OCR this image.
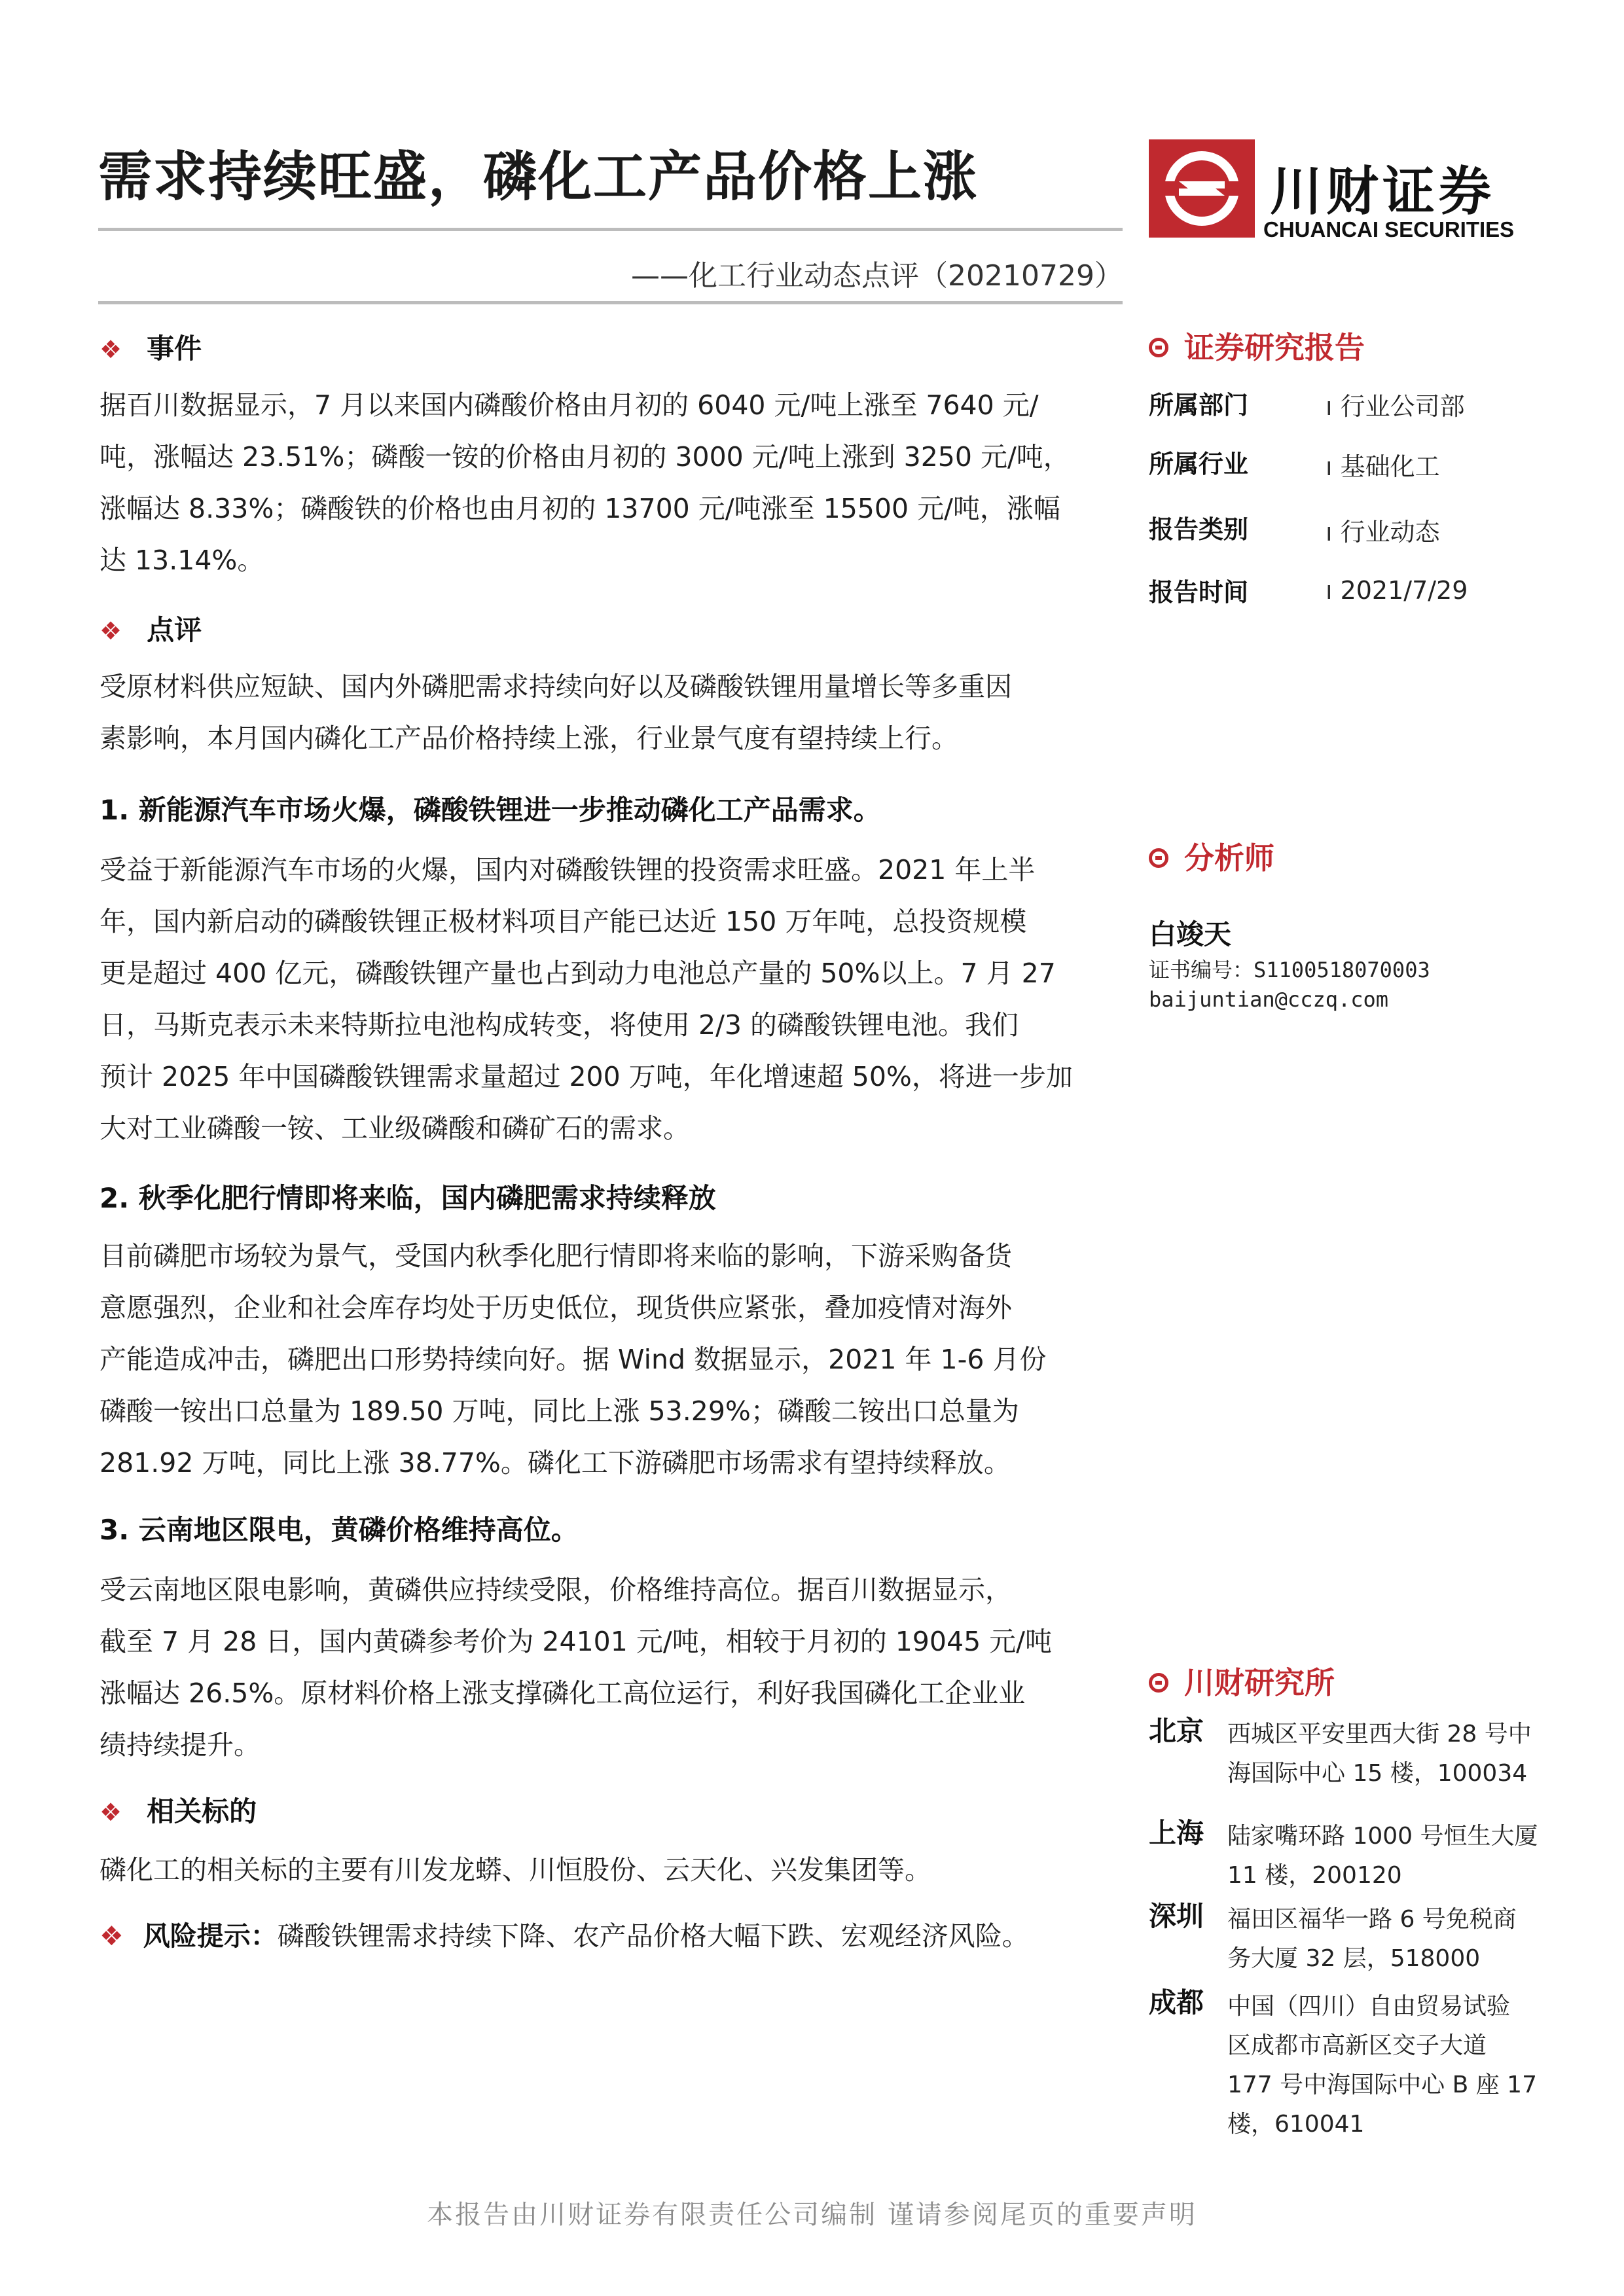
需求持续旺盛，磷化工产品价格上涨
——化工行业动态点评（20210729）
川财证券
CHUANCAI SECURITIES
❖ 事件
据百川数据显示，7 月以来国内磷酸价格由月初的 6040 元/吨上涨至 7640 元/
吨，涨幅达 23.51%；磷酸一铵的价格由月初的 3000 元/吨上涨到 3250 元/吨，
涨幅达 8.33%；磷酸铁的价格也由月初的 13700 元/吨涨至 15500 元/吨，涨幅
达 13.14%。
❖ 点评
受原材料供应短缺、国内外磷肥需求持续向好以及磷酸铁锂用量增长等多重因
素影响，本月国内磷化工产品价格持续上涨，行业景气度有望持续上行。
1. 新能源汽车市场火爆，磷酸铁锂进一步推动磷化工产品需求。
受益于新能源汽车市场的火爆，国内对磷酸铁锂的投资需求旺盛。2021 年上半
年，国内新启动的磷酸铁锂正极材料项目产能已达近 150 万年吨，总投资规模
更是超过 400 亿元，磷酸铁锂产量也占到动力电池总产量的 50%以上。7 月 27
日，马斯克表示未来特斯拉电池构成转变，将使用 2/3 的磷酸铁锂电池。我们
预计 2025 年中国磷酸铁锂需求量超过 200 万吨，年化增速超 50%，将进一步加
大对工业磷酸一铵、工业级磷酸和磷矿石的需求。
2. 秋季化肥行情即将来临，国内磷肥需求持续释放
目前磷肥市场较为景气，受国内秋季化肥行情即将来临的影响，下游采购备货
意愿强烈，企业和社会库存均处于历史低位，现货供应紧张，叠加疫情对海外
产能造成冲击，磷肥出口形势持续向好。据 Wind 数据显示，2021 年 1-6 月份
磷酸一铵出口总量为 189.50 万吨，同比上涨 53.29%；磷酸二铵出口总量为
281.92 万吨，同比上涨 38.77%。磷化工下游磷肥市场需求有望持续释放。
3. 云南地区限电，黄磷价格维持高位。
受云南地区限电影响，黄磷供应持续受限，价格维持高位。据百川数据显示，
截至 7 月 28 日，国内黄磷参考价为 24101 元/吨，相较于月初的 19045 元/吨
涨幅达 26.5%。原材料价格上涨支撑磷化工高位运行，利好我国磷化工企业业
绩持续提升。
❖ 相关标的
磷化工的相关标的主要有川发龙蟒、川恒股份、云天化、兴发集团等。
❖ 风险提示：磷酸铁锂需求持续下降、农产品价格大幅下跌、宏观经济风险。
证券研究报告
所属部门	ı 行业公司部
所属行业	ı 基础化工
报告类别	ı 行业动态
报告时间	ı 2021/7/29
分析师
白竣天
证书编号：S1100518070003
baijuntian@cczq.com
川财研究所
北京 西城区平安里西大街 28 号中
海国际中心 15 楼，100034
上海 陆家嘴环路 1000 号恒生大厦
11 楼，200120
深圳 福田区福华一路 6 号免税商
务大厦 32 层，518000
成都 中国（四川）自由贸易试验
区成都市高新区交子大道
177 号中海国际中心 B 座 17
楼，610041
本报告由川财证券有限责任公司编制 谨请参阅尾页的重要声明
